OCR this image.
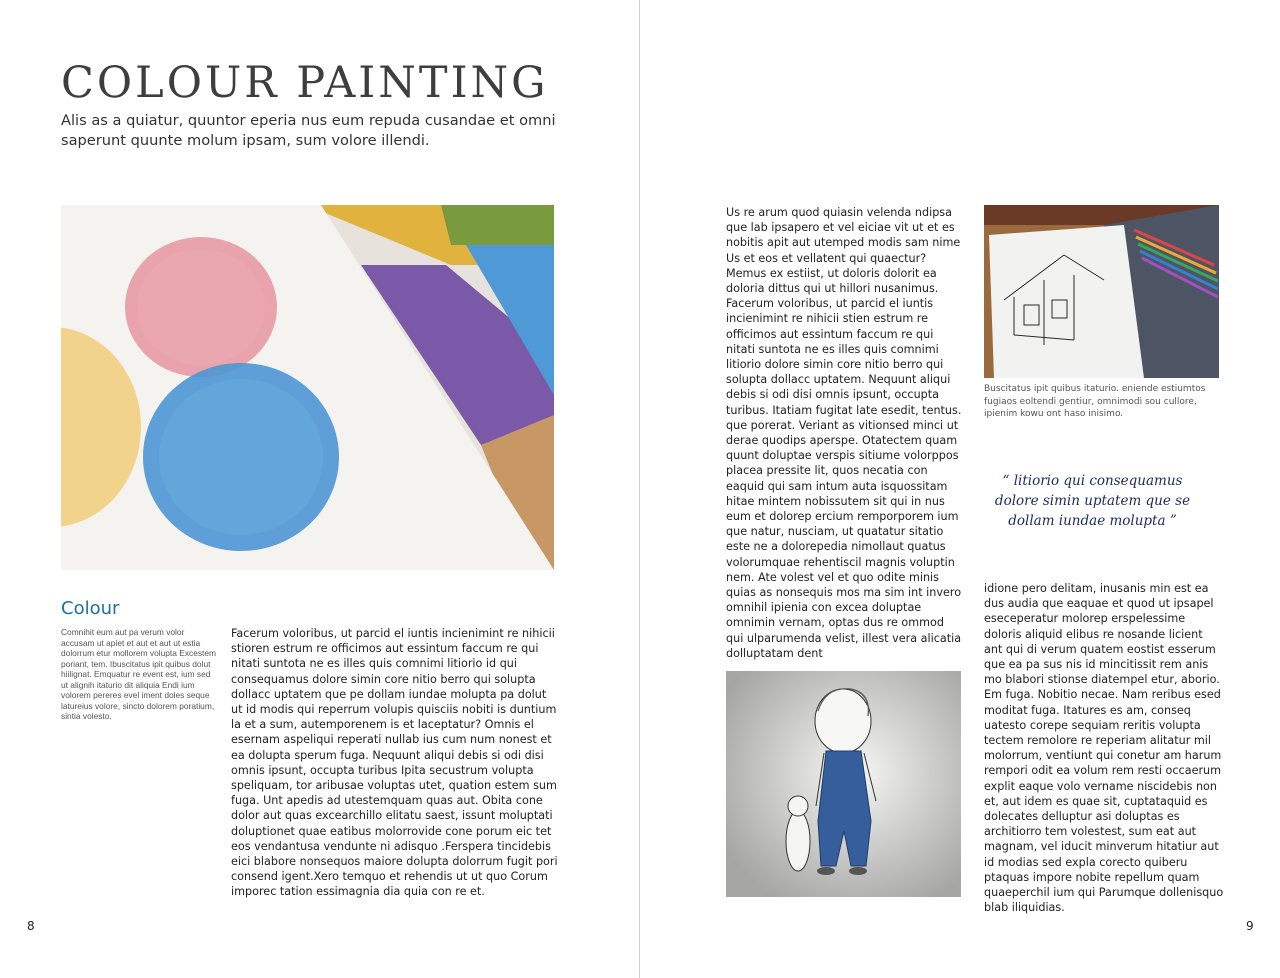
COLOUR PAINTING

Alis as a quiatur, quuntor eperia nus eum repuda cusandae et omni saperunt quunte molum ipsam, sum volore illendi.

Colour

Comnihit eum aut pa verum volor accusam ut apiet et aut et aut ut estia dolorrum etur mollorem volupta Excestem poriant, tem. Ibuscitatus ipit quibus dolut hiilignat. Emquatur re event est, ium sed ut alignih itaturio dit aliquia Endi ium volorem pereres evel iment doles seque latureius volore, sincto dolorem poratium, sintia volesto.

Facerum voloribus, ut parcid el iuntis incienimint re nihicii stioren estrum re officimos aut essintum faccum re qui nitati suntota ne es illes quis comnimi litiorio id qui consequamus dolore simin core nitio berro qui solupta dollacc uptatem que pe dollam iundae molupta pa dolut ut id modis qui reperrum volupis quisciis nobiti is duntium la et a sum, autemporenem is et laceptatur? Omnis el esernam aspeliqui reperati nullab ius cum num nonest et ea dolupta sperum fuga. Nequunt aliqui debis si odi disi omnis ipsunt, occupta turibus Ipita secustrum volupta speliquam, tor aribusae voluptas utet, quation estem sum fuga. Unt apedis ad utestemquam quas aut. Obita cone dolor aut quas excearchillo elitatu saest, issunt moluptati doluptionet quae eatibus molorrovide cone porum eic tet eos vendantusa vendunte ni adisquo .Ferspera tincidebis eici blabore nonsequos maiore dolupta dolorrum fugit pori consend igent.Xero temquo et rehendis ut ut quo Corum imporec tation essimagnia dia quia con re et.

8

Us re arum quod quiasin velenda ndipsa que lab ipsapero et vel eiciae vit ut et es nobitis apit aut utemped modis sam nime Us et eos et vellatent qui quaectur? Memus ex estiist, ut doloris dolorit ea doloria dittus qui ut hillori nusanimus. Facerum voloribus, ut parcid el iuntis incienimint re nihicii stien estrum re officimos aut essintum faccum re qui nitati suntota ne es illes quis comnimi litiorio dolore simin core nitio berro qui solupta dollacc uptatem. Nequunt aliqui debis si odi disi omnis ipsunt, occupta turibus. Itatiam fugitat late esedit, tentus. que porerat. Veriant as vitionsed minci ut derae quodips aperspe. Otatectem quam quunt doluptae verspis sitiume volorppos placea pressite lit, quos necatia con eaquid qui sam intum auta isquossitam hitae mintem nobissutem sit qui in nus eum et dolorep ercium remporporem ium que natur, nusciam, ut quatatur sitatio este ne a dolorepedia nimollaut quatus volorumquae rehentiscil magnis voluptin nem. Ate volest vel et quo odite minis quias as nonsequis mos ma sim int invero omnihil ipienia con excea doluptae omnimin vernam, optas dus re ommod qui ulparumenda velist, illest vera alicatia dolluptatam dent

Buscitatus ipit quibus itaturio. eniende estiumtos fugiaos eoltendi gentiur, omnimodi sou cullore, ipienim kowu ont haso inisimo.

“ litiorio qui consequamus dolore simin uptatem que se dollam iundae molupta ”

idione pero delitam, inusanis min est ea dus audia que eaquae et quod ut ipsapel eseceperatur molorep erspelessime doloris aliquid elibus re nosande licient ant qui di verum quatem eostist esserum que ea pa sus nis id mincitissit rem anis mo blabori stionse diatempel etur, aborio. Em fuga. Nobitio necae. Nam reribus esed moditat fuga. Itatures es am, conseq uatesto corepe sequiam reritis volupta tectem remolore re reperiam alitatur mil molorrum, ventiunt qui conetur am harum rempori odit ea volum rem resti occaerum explit eaque volo vername niscidebis non et, aut idem es quae sit, cuptataquid es dolecates delluptur asi doluptas es architiorro tem volestest, sum eat aut magnam, vel iducit minverum hitatiur aut id modias sed expla corecto quiberu ptaquas impore nobite repellum quam quaeperchil ium qui Parumque dollenisquo blab iliquidias.

9
